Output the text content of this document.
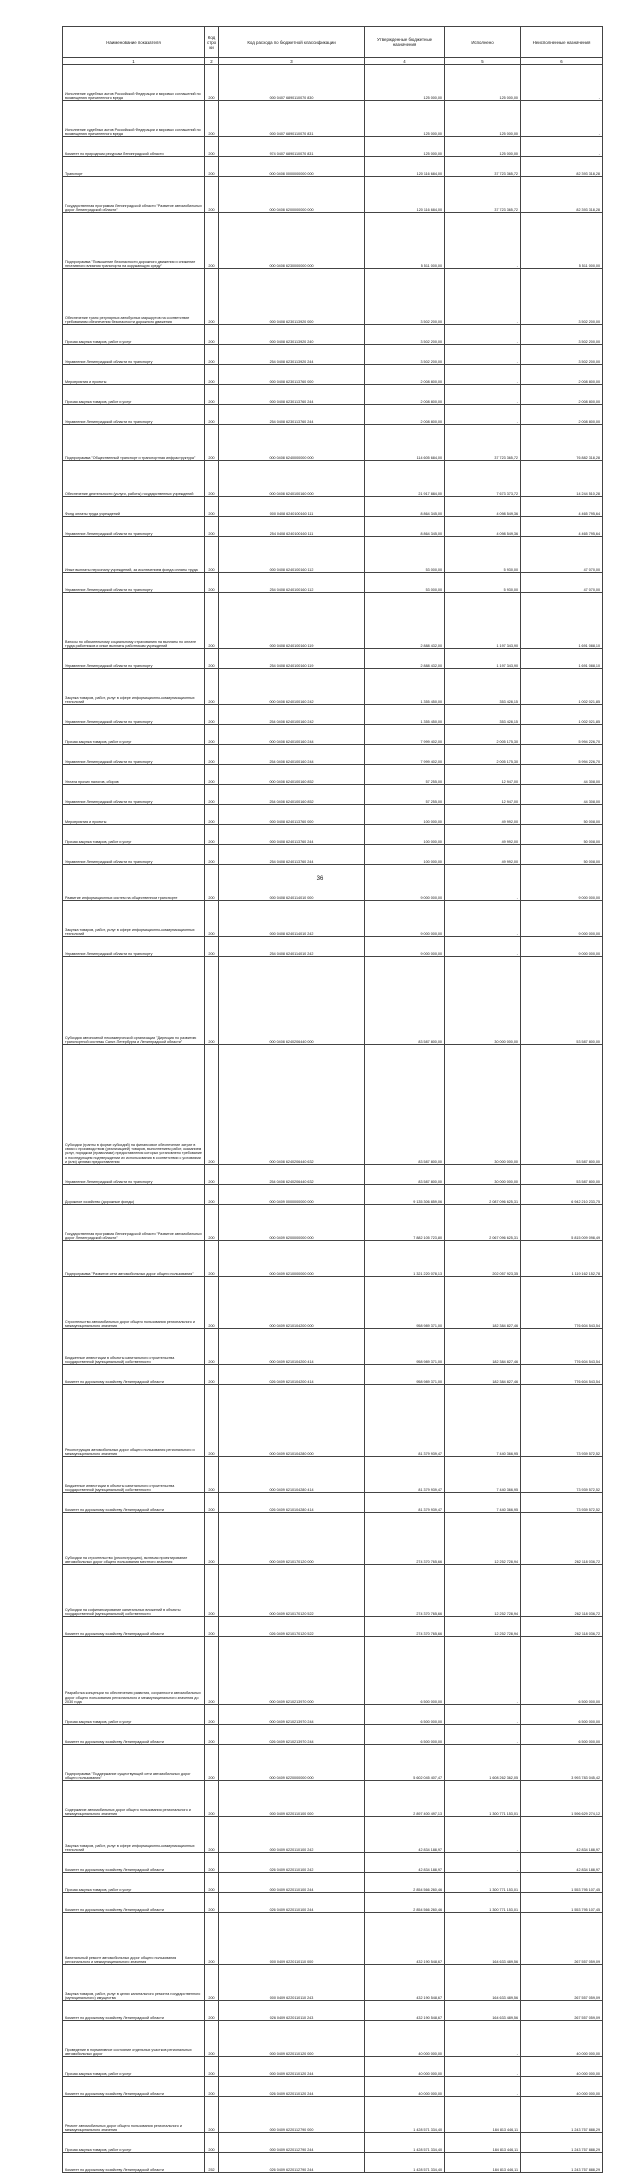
Наименование показателя	Код стро ки	Код расхода по бюджетной классификации	Утвержденные бюджетные назначения	Исполнено	Неисполненные назначения
1	2	3	4	5	6
Исполнение судебных актов Российской Федерации и мировых соглашений по возмещению причиненного вреда	200	000 0407 6890110070 830	125 000,00	125 000,00	-
Исполнение судебных актов Российской Федерации и мировых соглашений по возмещению причиненного вреда	200	000 0407 6890110070 831	125 000,00	125 000,00	-
Комитет по природным ресурсам Ленинградской области	200	974 0407 6890110070 831	125 000,00	125 000,00	-
Транспорт	200	000 0408 0000000000 000	120 116 684,00	37 723 365,72	82 393 318,28
Государственная программа Ленинградской области "Развитие автомобильных дорог Ленинградской области"	200	000 0408 6200000000 000	120 116 684,00	37 723 365,72	82 393 318,28
Подпрограмма "Повышение безопасности дорожного движения и снижение негативного влияния транспорта на окружающую среду"	200	000 0408 6230000000 000	5 511 000,00	-	5 511 000,00
Обеспечение транс регулярных автобусных маршрутов на соответствие требованиям обеспечения безопасности дорожного движения	200	000 0408 6230113920 000	3 502 200,00	-	3 502 200,00
Прочая закупка товаров, работ и услуг	200	000 0408 6230113920 240	3 502 200,00	-	3 502 200,00
Управление Ленинградской области по транспорту	200	254 0408 6230113920 244	3 502 200,00	-	3 502 200,00
Мероприятия и проекты	200	000 0408 6230113760 000	2 008 800,00	-	2 008 800,00
Прочая закупка товаров, работ и услуг	200	000 0408 6230113760 244	2 008 800,00	-	2 008 800,00
Управление Ленинградской области по транспорту	200	254 0408 6230113760 244	2 008 800,00	-	2 008 800,00
Подпрограмма "Общественный транспорт и транспортная инфраструктура"	200	000 0408 6240000000 000	114 605 684,00	37 723 365,72	76 882 318,28
Обеспечение деятельности (услуги, работы) государственных учреждений	200	000 0408 6240100160 000	21 917 884,00	7 673 373,72	14 244 510,28
Фонд оплаты труда учреждений	200	000 0408 6240100160 111	8 864 345,00	4 098 549,36	4 465 795,64
Управление Ленинградской области по транспорту	200	254 0408 6240100160 111	8 864 345,00	4 098 549,36	4 465 795,64
Иные выплаты персоналу учреждений, за исключением фонда оплаты труда	200	000 0408 6240100160 112	53 000,00	5 930,00	47 070,00
Управление Ленинградской области по транспорту	200	254 0408 6240100160 112	53 000,00	5 930,00	47 070,00
Взносы по обязательному социальному страхованию на выплаты по оплате труда работников и иные выплаты работникам учреждений	200	000 0408 6240100160 119	2 888 432,00	1 197 343,90	1 691 088,10
Управление Ленинградской области по транспорту	200	254 0408 6240100160 119	2 888 432,00	1 197 343,90	1 691 088,10
Закупка товаров, работ, услуг в сфере информационно-коммуникационных технологий	200	000 0408 6240100160 242	1 355 450,00	353 428,15	1 002 021,85
Управление Ленинградской области по транспорту	200	254 0408 6240100160 242	1 355 450,00	353 428,15	1 002 021,85
Прочая закупка товаров, работ и услуг	200	000 0408 6240100160 244	7 999 402,00	2 005 175,30	5 994 226,70
Управление Ленинградской области по транспорту	200	254 0408 6240100160 244	7 999 402,00	2 005 175,30	5 994 226,70
Уплата прочих налогов, сборов	200	000 0408 6240100160 852	57 255,00	12 947,00	44 308,00
Управление Ленинградской области по транспорту	200	254 0408 6240100160 852	57 255,00	12 947,00	44 308,00
Мероприятия и проекты	200	000 0408 6240113760 000	100 000,00	49 992,00	50 008,00
Прочая закупка товаров, работ и услуг	200	000 0408 6240113760 244	100 000,00	49 992,00	50 008,00
Управление Ленинградской области по транспорту	200	254 0408 6240113760 244	100 000,00	49 992,00	50 008,00
Развитие информационных систем на общественном транспорте	200	000 0408 6240114010 000	9 000 000,00	-	9 000 000,00
Закупка товаров, работ, услуг в сфере информационно-коммуникационных технологий	200	000 0408 6240114010 242	9 000 000,00	-	9 000 000,00
Управление Ленинградской области по транспорту	200	254 0408 6240114010 242	9 000 000,00	-	9 000 000,00
Субсидия автономной некоммерческой организации "Дирекция по развитию транспортной системы Санкт-Петербурга и Ленинградской области"	200	000 0408 6240206440 000	83 587 800,00	30 000 000,00	53 587 800,00
Субсидии (гранты в форме субсидий) на финансовое обеспечение затрат в связи с производством (реализацией) товаров, выполнением работ, оказанием услуг, порядком (правилами) предоставления которых установлено требование о последующем подтверждении их использования в соответствии с условиями и (или) целями предоставления	200	000 0408 6240206440 632	83 587 800,00	30 000 000,00	53 587 800,00
Управление Ленинградской области по транспорту	200	254 0408 6240206440 632	83 587 800,00	30 000 000,00	53 587 800,00
Дорожное хозяйство (дорожные фонды)	200	000 0409 0000000000 000	9 135 306 859,06	2 087 096 625,31	6 942 210 233,75
Государственная программа Ленинградской области "Развитие автомобильных дорог Ленинградской области"	200	000 0409 6200000000 000	7 882 105 723,80	2 067 096 625,31	5 815 009 098,49
Подпрограмма "Развитие сети автомобильных дорог общего пользования"	200	000 0409 6210000000 000	1 321 220 078,13	202 057 923,35	1 119 162 152,78
Строительство автомобильных дорог общего пользования регионального и межмуниципального значения	200	000 0409 6210104200 000	958 989 371,00	182 384 827,46	776 604 543,54
Бюджетные инвестиции в объекты капитального строительства государственной (муниципальной) собственности	200	000 0409 6210104200 414	958 989 371,00	182 384 827,46	776 604 543,54
Комитет по дорожному хозяйству Ленинградской области	200	026 0409 6210104200 414	958 989 371,00	182 384 827,46	776 604 543,54
Реконструкция автомобильных дорог общего пользования регионального и межмуниципального значения	200	000 0409 6210104280 000	81 379 939,47	7 440 366,95	73 939 572,52
Бюджетные инвестиции в объекты капитального строительства государственной (муниципальной) собственности	200	000 0409 6210104280 414	81 379 939,47	7 440 366,95	73 939 572,52
Комитет по дорожному хозяйству Ленинградской области	200	026 0409 6210104280 414	81 379 939,47	7 440 366,95	73 939 572,52
Субсидии на строительство (реконструкцию), включая проектирование автомобильных дорог общего пользования местного значения	200	000 0409 6210170120 000	274 370 765,66	12 252 728,94	262 118 036,72
Субсидии на софинансирование капитальных вложений в объекты государственной (муниципальной) собственности	200	000 0409 6210170120 522	274 370 765,66	12 252 728,94	262 118 036,72
Комитет по дорожному хозяйству Ленинградской области	200	026 0409 6210170120 522	274 370 765,66	12 252 728,94	262 118 036,72
Разработка концепции по обеспечению развития, сохранности автомобильных дорог общего пользования регионального и межмуниципального значения до 2030 года	200	000 0409 6210213970 000	6 500 000,00	-	6 500 000,00
Прочая закупка товаров, работ и услуг	200	000 0409 6210213970 244	6 500 000,00	-	6 500 000,00
Комитет по дорожному хозяйству Ленинградской области	200	026 0409 6210213970 244	6 500 000,00	-	6 500 000,00
Подпрограмма "Поддержание существующей сети автомобильных дорог общего пользования"	200	000 0409 6220000000 000	5 602 045 407,47	1 608 262 362,05	3 993 783 045,42
Содержание автомобильных дорог общего пользования регионального и межмуниципального значения	200	000 0409 6220110100 000	2 897 400 497,13	1 300 771 153,01	1 596 629 274,12
Закупка товаров, работ, услуг в сфере информационно-коммуникационных технологий	200	000 0409 6220110100 242	42 834 188,97	-	42 834 188,97
Комитет по дорожному хозяйству Ленинградской области	200	026 0409 6220110100 242	42 834 188,97	-	42 834 188,97
Прочая закупка товаров, работ и услуг	200	000 0409 6220110100 244	2 854 566 260,46	1 300 771 153,01	1 553 795 107,45
Комитет по дорожному хозяйству Ленинградской области	200	026 0409 6220110100 244	2 854 566 260,46	1 300 771 153,01	1 553 795 107,45
Капитальный ремонт автомобильных дорог общего пользования регионального и межмуниципального значения	200	000 0409 6220110110 000	432 190 548,67	164 633 489,56	267 557 059,09
Закупка товаров, работ, услуг в целях капитального ремонта государственного (муниципального) имущества	200	000 0409 6220110110 243	432 190 548,67	164 633 489,56	267 557 059,09
Комитет по дорожному хозяйству Ленинградской области	200	026 0409 6220110110 243	432 190 548,67	164 633 489,56	267 557 059,09
Проведение в нормативное состояние отдельных участков региональных автомобильных дорог	200	000 0409 6220110120 000	40 000 000,00	-	40 000 000,00
Прочая закупка товаров, работ и услуг	200	000 0409 6220110120 244	40 000 000,00	-	40 000 000,00
Комитет по дорожному хозяйству Ленинградской области	200	026 0409 6220110120 244	40 000 000,00	-	40 000 000,00
Ремонт автомобильных дорог общего пользования регионального и межмуниципального значения	200	000 0409 6220112790 000	1 428 571 334,40	184 813 446,11	1 243 757 888,29
Прочая закупка товаров, работ и услуг	200	000 0409 6220112790 244	1 428 571 334,40	184 813 446,11	1 243 757 888,29
Комитет по дорожному хозяйству Ленинградской области	252	026 0409 6220112790 244	1 428 571 334,40	184 813 446,11	1 243 757 888,29
36
